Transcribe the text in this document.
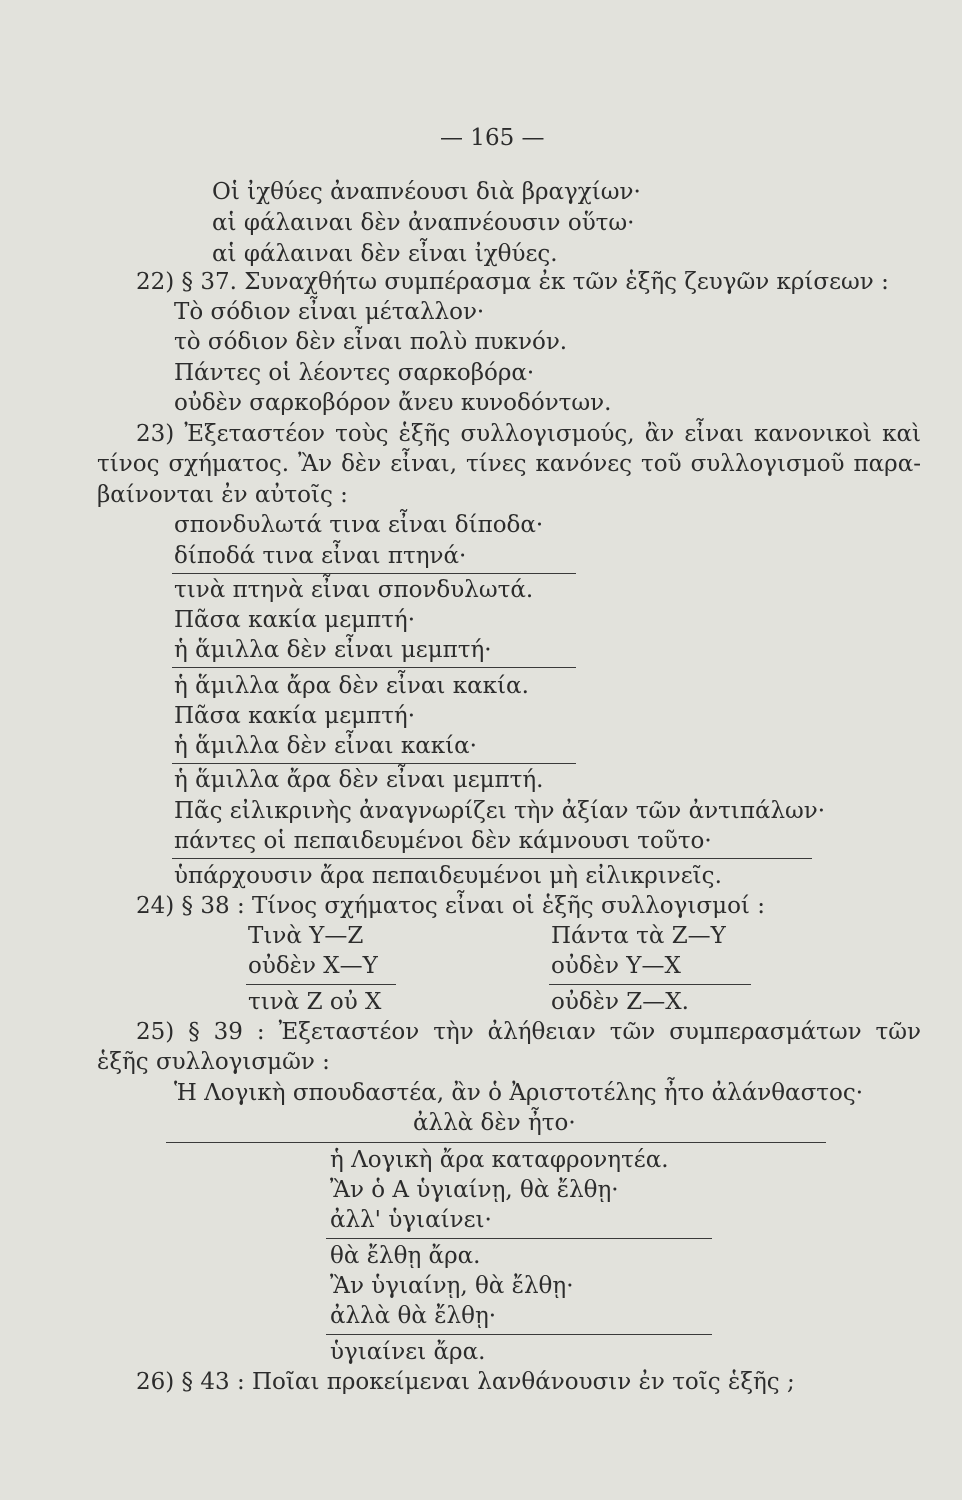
— 165 —
Οἱ ἰχθύες ἀναπνέουσι διὰ βραγχίων·
αἱ φάλαιναι δὲν ἀναπνέουσιν οὕτω·
αἱ φάλαιναι δὲν εἶναι ἰχθύες.
22) § 37. Συναχθήτω συμπέρασμα ἐκ τῶν ἑξῆς ζευγῶν κρίσεων :
Τὸ σόδιον εἶναι μέταλλον·
τὸ σόδιον δὲν εἶναι πολὺ πυκνόν.
Πάντες οἱ λέοντες σαρκοβόρα·
οὐδὲν σαρκοβόρον ἄνευ κυνοδόντων.
23) Ἐξεταστέον τοὺς ἑξῆς συλλογισμούς, ἂν εἶναι κανονικοὶ καὶ
τίνος σχήματος. Ἂν δὲν εἶναι, τίνες κανόνες τοῦ συλλογισμοῦ παρα-
βαίνονται ἐν αὐτοῖς :
σπονδυλωτά τινα εἶναι δίποδα·
δίποδά τινα εἶναι πτηνά·
τινὰ πτηνὰ εἶναι σπονδυλωτά.
Πᾶσα κακία μεμπτή·
ἡ ἅμιλλα δὲν εἶναι μεμπτή·
ἡ ἅμιλλα ἄρα δὲν εἶναι κακία.
Πᾶσα κακία μεμπτή·
ἡ ἅμιλλα δὲν εἶναι κακία·
ἡ ἅμιλλα ἄρα δὲν εἶναι μεμπτή.
Πᾶς εἰλικρινὴς ἀναγνωρίζει τὴν ἀξίαν τῶν ἀντιπάλων·
πάντες οἱ πεπαιδευμένοι δὲν κάμνουσι τοῦτο·
ὑπάρχουσιν ἄρα πεπαιδευμένοι μὴ εἰλικρινεῖς.
24) § 38 : Τίνος σχήματος εἶναι οἱ ἑξῆς συλλογισμοί :
Τινὰ Υ—Ζ
οὐδὲν Χ—Υ
τινὰ Ζ οὐ Χ
Πάντα τὰ Ζ—Υ
οὐδὲν Υ—Χ
οὐδὲν Ζ—Χ.
25) § 39 : Ἐξεταστέον τὴν ἀλήθειαν τῶν συμπερασμάτων τῶν
ἑξῆς συλλογισμῶν :
Ἡ Λογικὴ σπουδαστέα, ἂν ὁ Ἀριστοτέλης ἦτο ἀλάνθαστος·
ἀλλὰ δὲν ἦτο·
ἡ Λογικὴ ἄρα καταφρονητέα.
Ἂν ὁ Α ὑγιαίνῃ, θὰ ἔλθῃ·
ἀλλ' ὑγιαίνει·
θὰ ἔλθῃ ἄρα.
Ἂν ὑγιαίνῃ, θὰ ἔλθῃ·
ἀλλὰ θὰ ἔλθῃ·
ὑγιαίνει ἄρα.
26) § 43 : Ποῖαι προκείμεναι λανθάνουσιν ἐν τοῖς ἑξῆς ;
